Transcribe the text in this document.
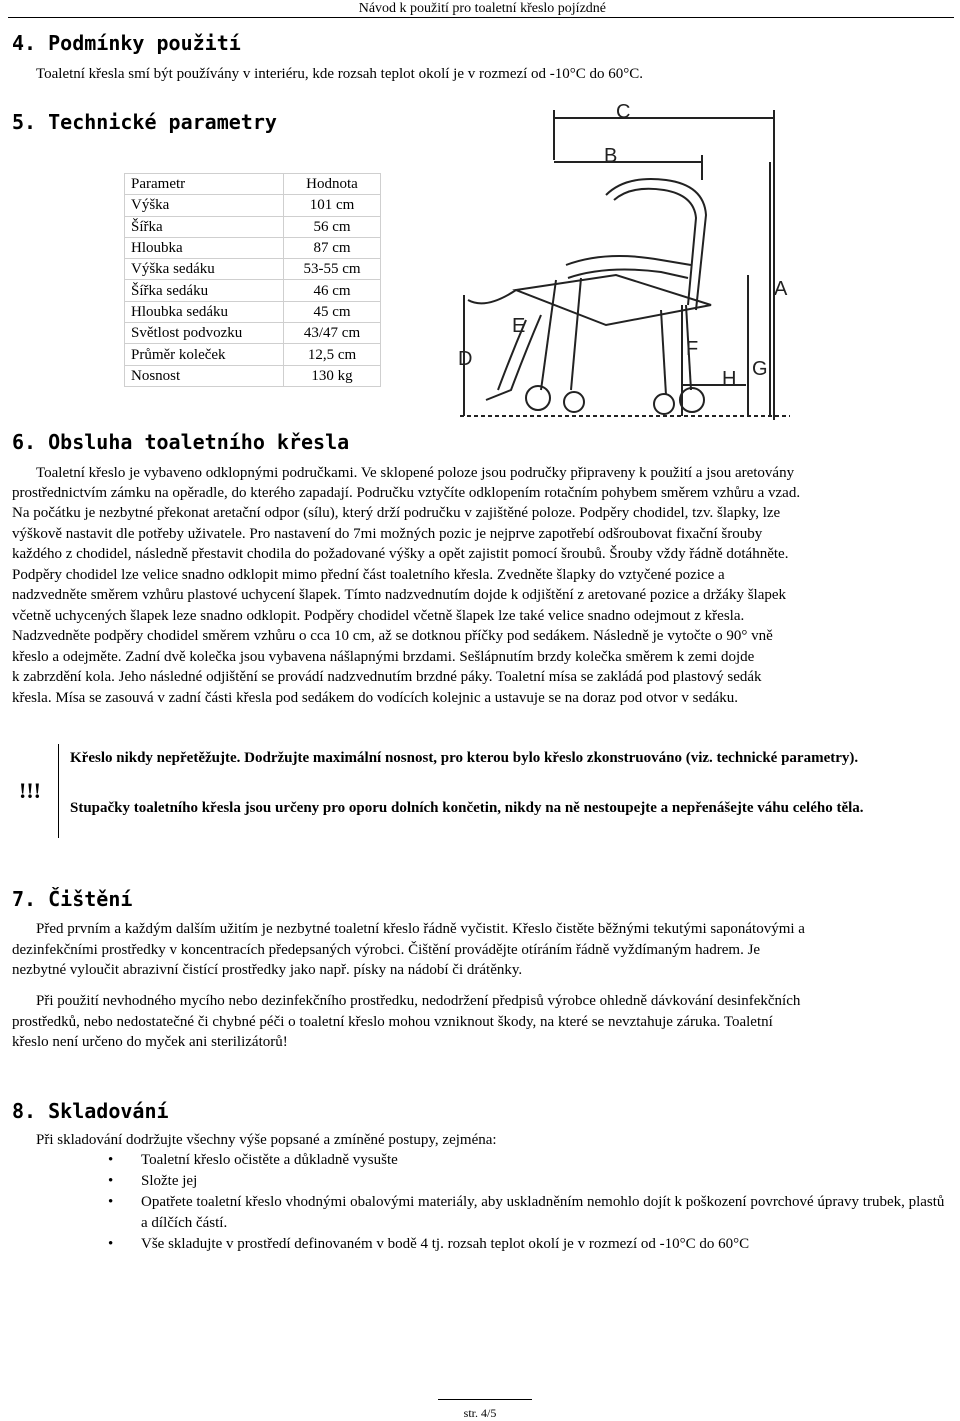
Návod k použití pro toaletní křeslo pojízdné
4. Podmínky použití

Toaletní křesla smí být používány v interiéru, kde rozsah teplot okolí je v rozmezí od -10°C do 60°C.

5. Technické parametry
Parametr	Hodnota
Výška	101 cm
Šířka	56 cm
Hloubka	87 cm
Výška sedáku	53-55 cm
Šířka sedáku	46 cm
Hloubka sedáku	45 cm
Světlost podvozku	43/47 cm
Průměr koleček	12,5 cm
Nosnost	130 kg
A
B
C
D
E
F
G
H
6. Obsluha toaletního křesla

Toaletní křeslo je vybaveno odklopnými područkami. Ve sklopené poloze jsou područky připraveny k použití a jsou aretovány

prostřednictvím zámku na opěradle, do kterého zapadají. Područku vztyčíte odklopením rotačním pohybem směrem vzhůru a vzad.

Na počátku je nezbytné překonat aretační odpor (sílu), který drží područku v zajištěné poloze. Podpěry chodidel, tzv. šlapky, lze

výškově nastavit dle potřeby uživatele. Pro nastavení do 7mi možných pozic je nejprve zapotřebí odšroubovat fixační šrouby

každého z chodidel, následně přestavit chodila do požadované výšky a opět zajistit pomocí šroubů. Šrouby vždy řádně dotáhněte.

Podpěry chodidel lze velice snadno odklopit mimo přední část toaletního křesla. Zvedněte šlapky do vztyčené pozice a

nadzvedněte směrem vzhůru plastové uchycení šlapek. Tímto nadzvednutím dojde k odjištění z aretované pozice a držáky šlapek

včetně uchycených šlapek leze snadno odklopit. Podpěry chodidel včetně šlapek lze také velice snadno odejmout z křesla.

Nadzvedněte podpěry chodidel směrem vzhůru o cca 10 cm, až se dotknou příčky pod sedákem. Následně je vytočte o 90° vně

křeslo a odejměte. Zadní dvě kolečka jsou vybavena nášlapnými brzdami. Sešlápnutím brzdy kolečka směrem k zemi dojde

k zabrzdění kola. Jeho následné odjištění se provádí nadzvednutím brzdné páky. Toaletní mísa se zakládá pod plastový sedák

křesla. Mísa se zasouvá v zadní části křesla pod sedákem do vodících kolejnic a ustavuje se na doraz pod otvor v sedáku.

!!!

Křeslo nikdy nepřetěžujte. Dodržujte maximální nosnost, pro kterou bylo křeslo zkonstruováno (viz. technické parametry).

Stupačky toaletního křesla jsou určeny pro oporu dolních končetin, nikdy na ně nestoupejte a nepřenášejte váhu celého těla.

7. Čištění

Před prvním a každým dalším užitím je nezbytné toaletní křeslo řádně vyčistit. Křeslo čistěte běžnými tekutými saponátovými a

dezinfekčními prostředky v koncentracích předepsaných výrobci. Čištění provádějte otíráním řádně vyždímaným hadrem. Je

nezbytné vyloučit abrazivní čistící prostředky jako např. písky na nádobí či drátěnky.

Při použití nevhodného mycího nebo dezinfekčního prostředku, nedodržení předpisů výrobce ohledně dávkování desinfekčních

prostředků, nebo nedostatečné či chybné péči o toaletní křeslo mohou vzniknout škody, na které se nevztahuje záruka. Toaletní

křeslo není určeno do myček ani sterilizátorů!

8. Skladování

Při skladování dodržujte všechny výše popsané a zmíněné postupy, zejména:

• Toaletní křeslo očistěte a důkladně vysušte
• Složte jej
• Opatřete toaletní křeslo vhodnými obalovými materiály, aby uskladněním nemohlo dojít k poškození povrchové úpravy trubek, plastů a dílčích částí.
• Vše skladujte v prostředí definovaném v bodě 4 tj. rozsah teplot okolí je v rozmezí od -10°C do 60°C
str. 4/5
